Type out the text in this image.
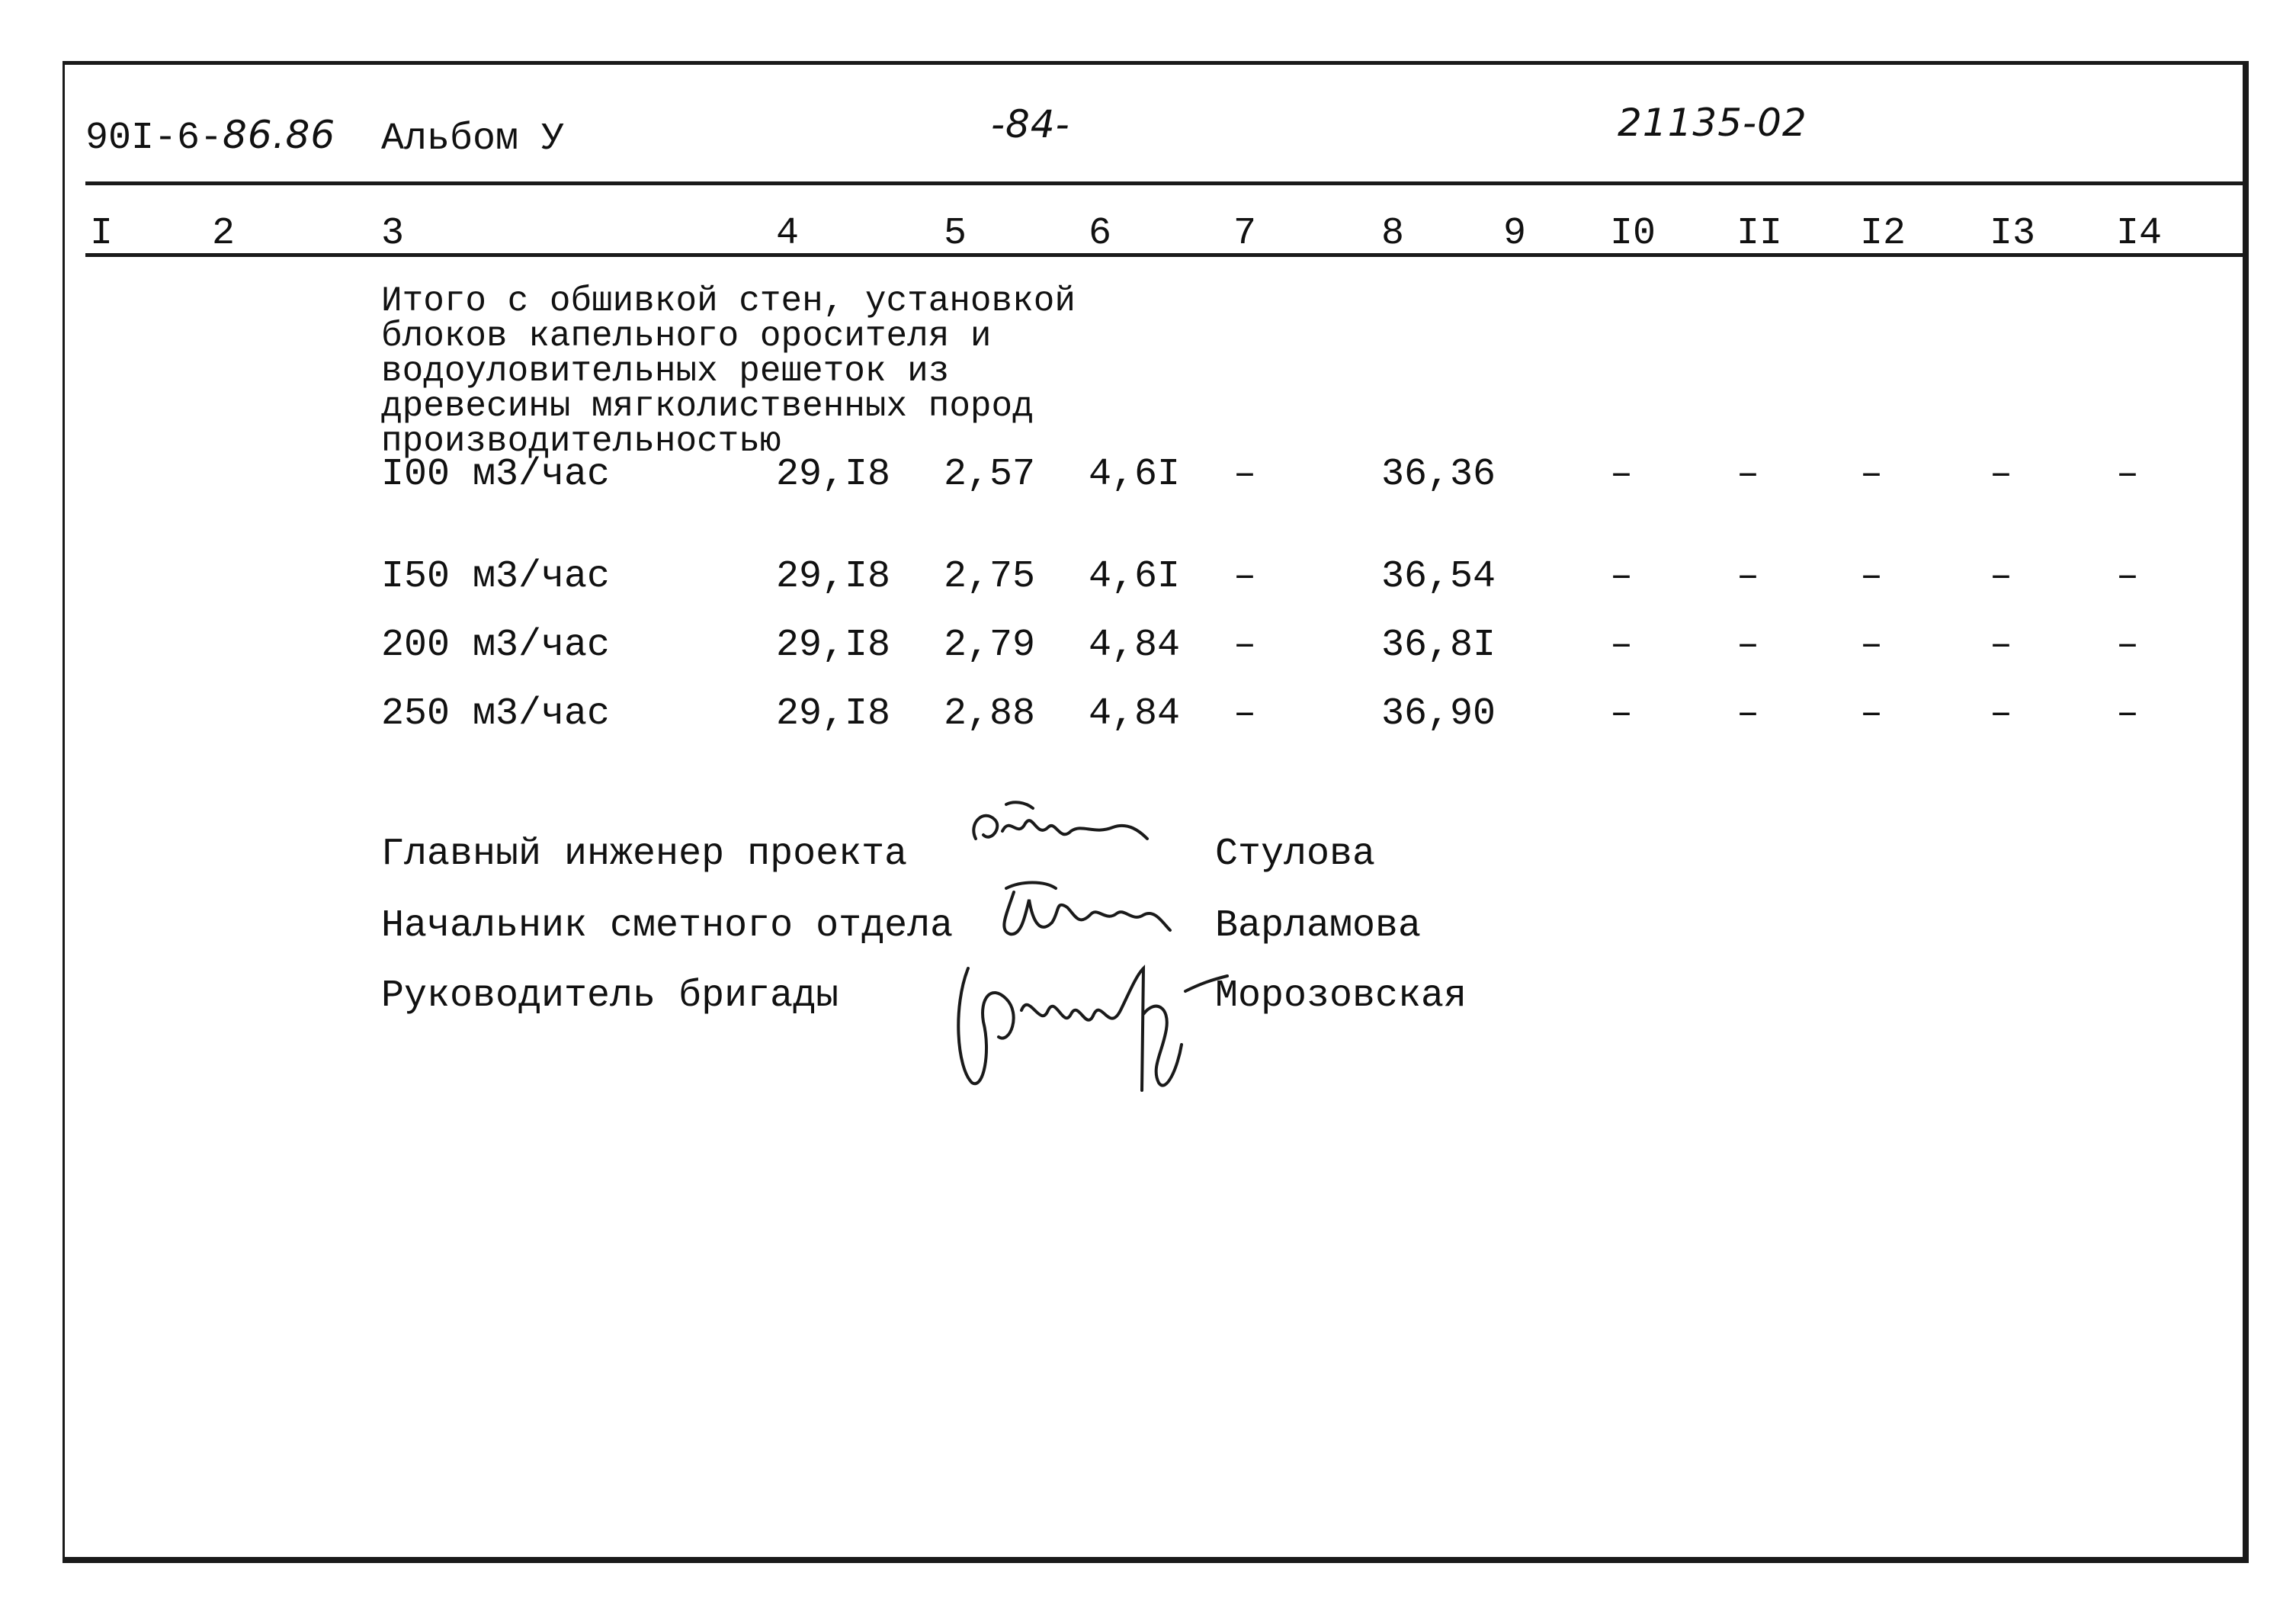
90I-6-86.86 Альбом У	-84-	21135-02
I	2	3	4	5	6	7	8	9 I0 II I2 I3 I4
Итого с обшивкой стен, установкой
блоков капельного оросителя и
водоуловительных решеток из
древесины мягколиственных пород
производительностью
I00 м3/час	29,I8 2,57 4,6I –	36,36	–	–	–	–	–
I50 м3/час	29,I8 2,75 4,6I –	36,54	–	–	–	–	–
200 м3/час	29,I8 2,79 4,84 –	36,8I	–	–	–	–	–
250 м3/час	29,I8 2,88 4,84 –	36,90	–	–	–	–	–
Главный инженер проекта	Стулова
Начальник сметного отдела	Варламова
Руководитель бригады	Морозовская
